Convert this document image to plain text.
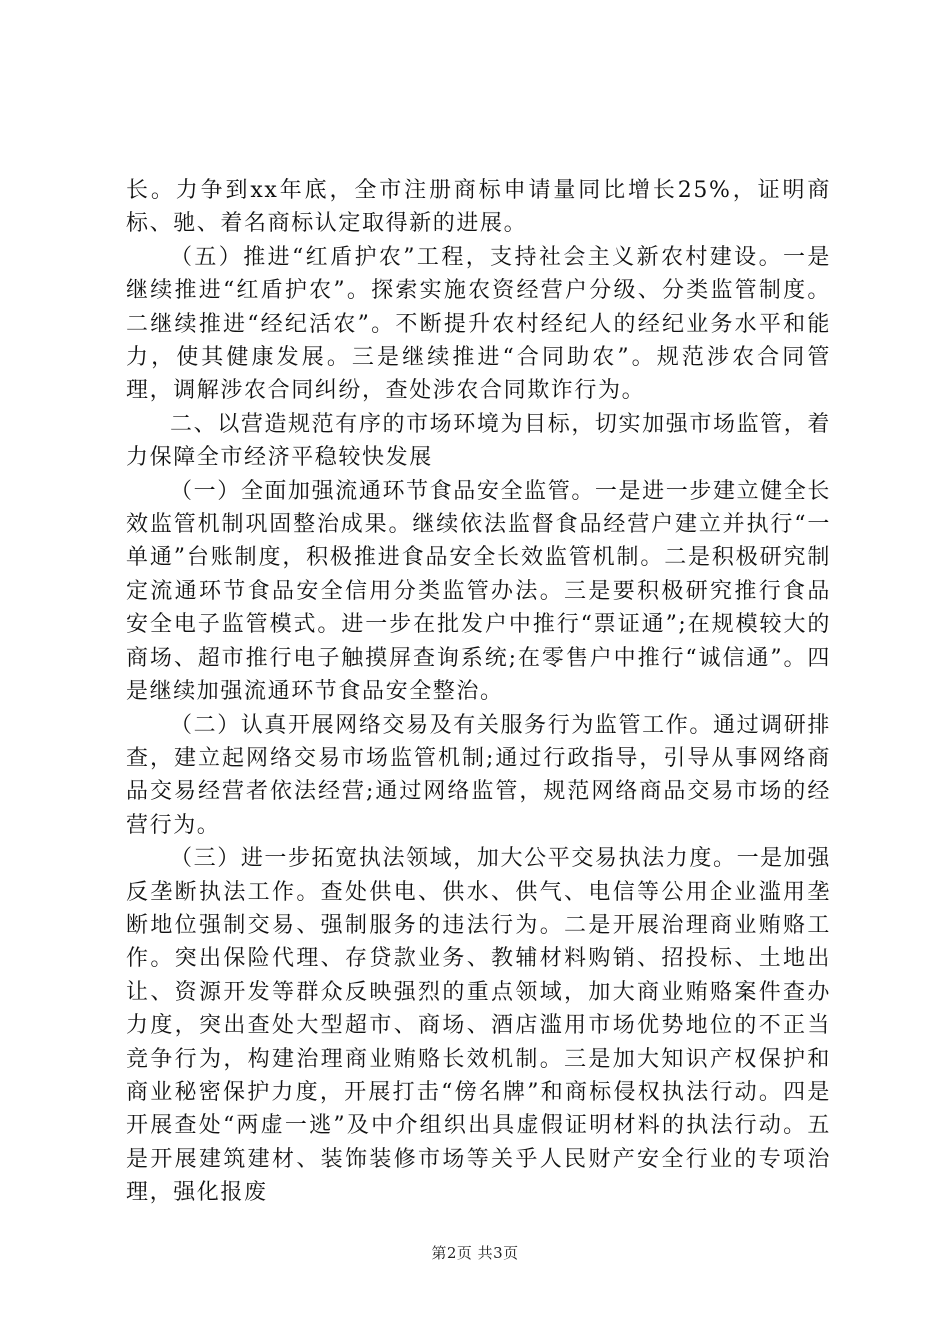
长。力争到xx年底，全市注册商标申请量同比增长25%，证明商标、驰、着名商标认定取得新的进展。

（五）推进“红盾护农”工程，支持社会主义新农村建设。一是继续推进“红盾护农”。探索实施农资经营户分级、分类监管制度。二继续推进“经纪活农”。不断提升农村经纪人的经纪业务水平和能力，使其健康发展。三是继续推进“合同助农”。规范涉农合同管理，调解涉农合同纠纷，查处涉农合同欺诈行为。

二、以营造规范有序的市场环境为目标，切实加强市场监管，着力保障全市经济平稳较快发展

（一）全面加强流通环节食品安全监管。一是进一步建立健全长效监管机制巩固整治成果。继续依法监督食品经营户建立并执行“一单通”台账制度，积极推进食品安全长效监管机制。二是积极研究制定流通环节食品安全信用分类监管办法。三是要积极研究推行食品安全电子监管模式。进一步在批发户中推行“票证通”;在规模较大的商场、超市推行电子触摸屏查询系统;在零售户中推行“诚信通”。四是继续加强流通环节食品安全整治。

（二）认真开展网络交易及有关服务行为监管工作。通过调研排查，建立起网络交易市场监管机制;通过行政指导，引导从事网络商品交易经营者依法经营;通过网络监管，规范网络商品交易市场的经营行为。

（三）进一步拓宽执法领域，加大公平交易执法力度。一是加强反垄断执法工作。查处供电、供水、供气、电信等公用企业滥用垄断地位强制交易、强制服务的违法行为。二是开展治理商业贿赂工作。突出保险代理、存贷款业务、教辅材料购销、招投标、土地出让、资源开发等群众反映强烈的重点领域，加大商业贿赂案件查办力度，突出查处大型超市、商场、酒店滥用市场优势地位的不正当竞争行为，构建治理商业贿赂长效机制。三是加大知识产权保护和商业秘密保护力度，开展打击“傍名牌”和商标侵权执法行动。四是开展查处“两虚一逃”及中介组织出具虚假证明材料的执法行动。五是开展建筑建材、装饰装修市场等关乎人民财产安全行业的专项治理，强化报废

第2页 共3页
